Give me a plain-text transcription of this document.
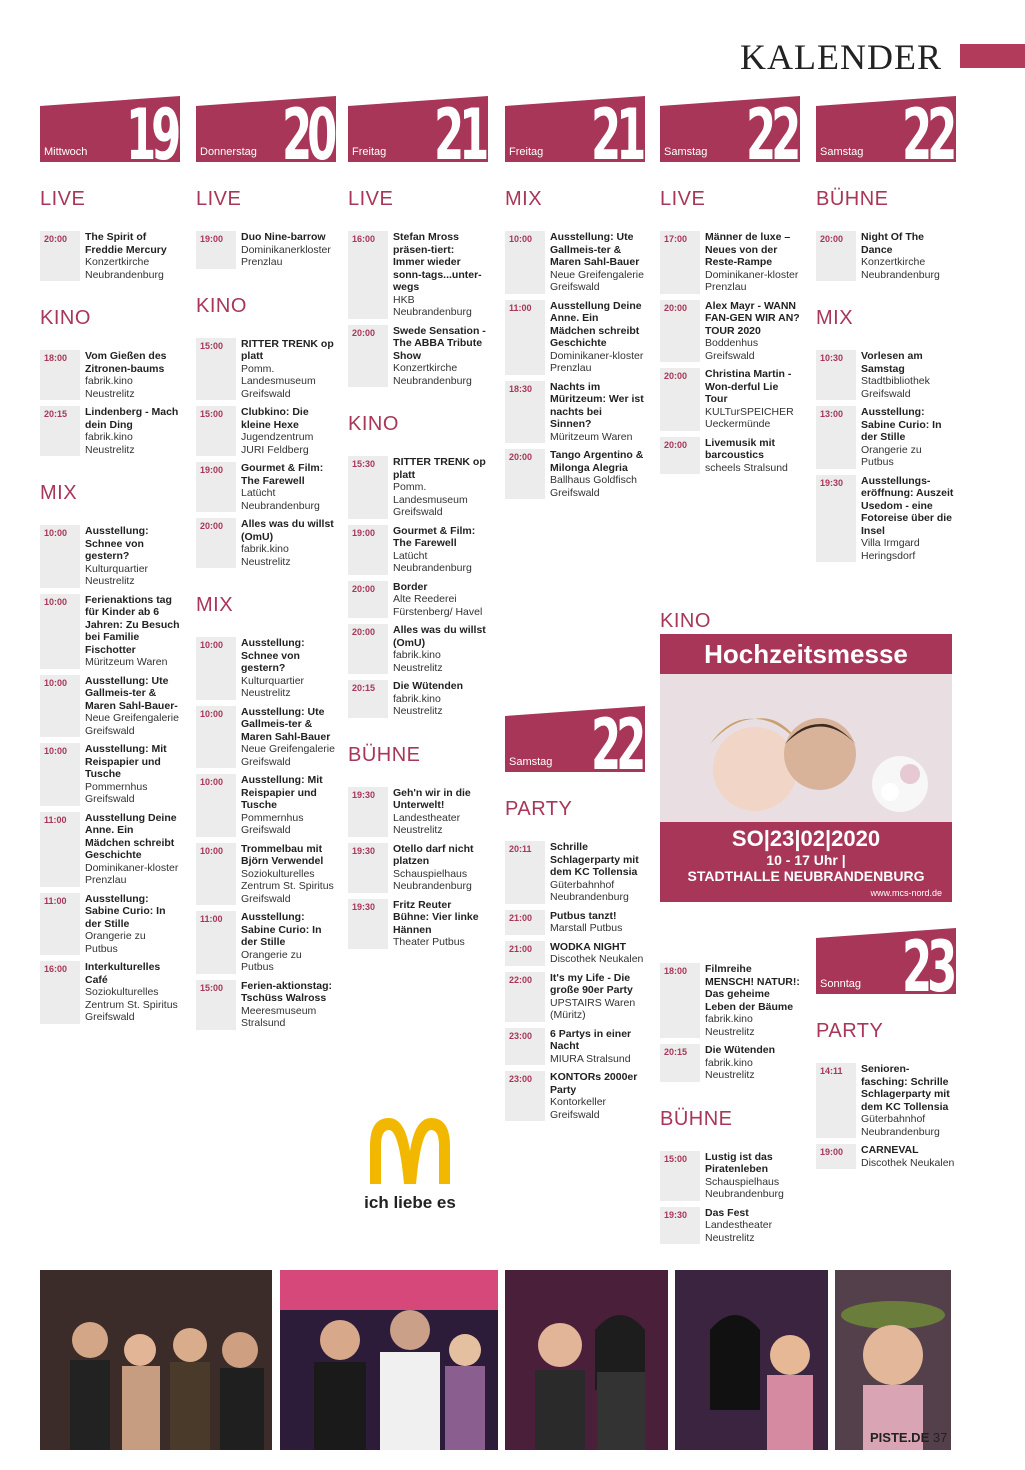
KALENDER
Mittwoch 19
LIVE
20:00	The Spirit of Freddie Mercury
Konzertkirche Neubrandenburg
KINO
18:00	Vom Gießen des Zitronen-baums
fabrik.kino Neustrelitz
20:15	Lindenberg - Mach dein Ding
fabrik.kino Neustrelitz
MIX
10:00	Ausstellung: Schnee von gestern?
Kulturquartier Neustrelitz
10:00	Ferienaktions tag für Kinder ab 6 Jahren: Zu Besuch bei Familie Fischotter
Müritzeum Waren
10:00	Ausstellung: Ute Gallmeis-ter & Maren Sahl-Bauer-
Neue Greifengalerie Greifswald
10:00	Ausstellung: Mit Reispapier und Tusche
Pommernhus Greifswald
11:00	Ausstellung Deine Anne. Ein Mädchen schreibt Geschichte
Dominikaner-kloster Prenzlau
11:00	Ausstellung: Sabine Curio: In der Stille
Orangerie zu Putbus
16:00	Interkulturelles Café
Soziokulturelles Zentrum St. Spiritus Greifswald
Donnerstag 20
LIVE
19:00	Duo Nine-barrow
Dominikanerkloster Prenzlau
KINO
15:00	RITTER TRENK op platt
Pomm. Landesmuseum Greifswald
15:00	Clubkino: Die kleine Hexe
Jugendzentrum JURI Feldberg
19:00	Gourmet & Film: The Farewell
Latücht Neubrandenburg
20:00	Alles was du willst (OmU)
fabrik.kino Neustrelitz
MIX
10:00	Ausstellung: Schnee von gestern?
Kulturquartier Neustrelitz
10:00	Ausstellung: Ute Gallmeis-ter & Maren Sahl-Bauer
Neue Greifengalerie Greifswald
10:00	Ausstellung: Mit Reispapier und Tusche
Pommernhus Greifswald
10:00	Trommelbau mit Björn Verwendel
Soziokulturelles Zentrum St. Spiritus Greifswald
11:00	Ausstellung: Sabine Curio: In der Stille
Orangerie zu Putbus
15:00	Ferien-aktionstag: Tschüss Walross
Meeresmuseum Stralsund
Freitag 21
LIVE
16:00	Stefan Mross präsen-tiert: Immer wieder sonn-tags...unter-wegs
HKB Neubrandenburg
20:00	Swede Sensation - The ABBA Tribute Show
Konzertkirche Neubrandenburg
KINO
15:30	RITTER TRENK op platt
Pomm. Landesmuseum Greifswald
19:00	Gourmet & Film: The Farewell
Latücht Neubrandenburg
20:00	Border
Alte Reederei Fürstenberg/ Havel
20:00	Alles was du willst (OmU)
fabrik.kino Neustrelitz
20:15	Die Wütenden
fabrik.kino Neustrelitz
BÜHNE
19:30	Geh'n wir in die Unterwelt!
Landestheater Neustrelitz
19:30	Otello darf nicht platzen
Schauspielhaus Neubrandenburg
19:30	Fritz Reuter Bühne: Vier linke Hännen
Theater Putbus
Freitag 21
MIX
10:00	Ausstellung: Ute Gallmeis-ter & Maren Sahl-Bauer
Neue Greifengalerie Greifswald
11:00	Ausstellung Deine Anne. Ein Mädchen schreibt Geschichte
Dominikaner-kloster Prenzlau
18:30	Nachts im Müritzeum: Wer ist nachts bei Sinnen?
Müritzeum Waren
20:00	Tango Argentino & Milonga Alegria
Ballhaus Goldfisch Greifswald
Samstag 22
PARTY
20:11	Schrille Schlagerparty mit dem KC Tollensia
Güterbahnhof Neubrandenburg
21:00	Putbus tanzt!
Marstall Putbus
21:00	WODKA NIGHT
Discothek Neukalen
22:00	It's my Life - Die große 90er Party
UPSTAIRS Waren (Müritz)
23:00	6 Partys in einer Nacht
MIURA Stralsund
23:00	KONTORs 2000er Party
Kontorkeller Greifswald
Samstag 22
LIVE
17:00	Männer de luxe – Neues von der Reste-Rampe
Dominikaner-kloster Prenzlau
20:00	Alex Mayr - WANN FAN-GEN WIR AN? TOUR 2020
Boddenhus Greifswald
20:00	Christina Martin - Won-derful Lie Tour
KULTurSPEICHER Ueckermünde
20:00	Livemusik mit barcoustics
scheels Stralsund
Samstag 22
BÜHNE
20:00	Night Of The Dance
Konzertkirche Neubrandenburg
MIX
10:30	Vorlesen am Samstag
Stadtbibliothek Greifswald
13:00	Ausstellung: Sabine Curio: In der Stille
Orangerie zu Putbus
19:30	Ausstellungs-eröffnung: Auszeit Usedom - eine Fotoreise über die Insel
Villa Irmgard Heringsdorf
Sonntag 23
PARTY
14:11	Senioren-fasching: Schrille Schlagerparty mit dem KC Tollensia
Güterbahnhof Neubrandenburg
19:00	CARNEVAL
Discothek Neukalen
KINO
18:00	Filmreihe MENSCH! NATUR!: Das geheime Leben der Bäume
fabrik.kino Neustrelitz
20:15	Die Wütenden
fabrik.kino Neustrelitz
BÜHNE
15:00	Lustig ist das Piratenleben
Schauspielhaus Neubrandenburg
19:30	Das Fest
Landestheater Neustrelitz
Hochzeitsmesse
SO|23|02|2020
10 - 17 Uhr |
STADTHALLE NEUBRANDENBURG
www.mcs-nord.de
ich liebe es
PISTE.DE 37
